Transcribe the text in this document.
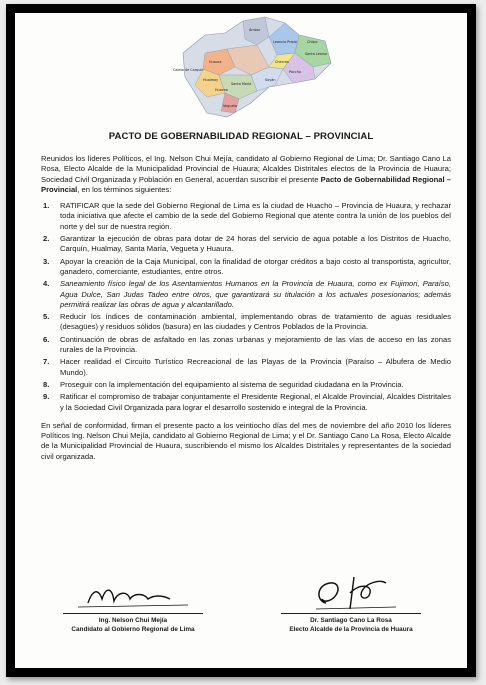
Huacho
Hualmay
Santa María
Sayán
Caleta de Carquín
Huaura
Vegueta
Ámbar
Leoncio Prado
Santa Leonor
Paccho
Checras
Chilpo
PACTO DE GOBERNABILIDAD REGIONAL – PROVINCIAL

Reunidos los líderes Políticos, el Ing. Nelson Chui Mejía, candidato al Gobierno Regional de Lima; Dr. Santiago Cano La Rosa, Electo Alcalde de la Municipalidad Provincial de Huaura; Alcaldes Distritales electos de la Provincia de Huaura; Sociedad Civil Organizada y Población en General, acuerdan suscribir el presente Pacto de Gobernabilidad Regional – Provincial, en los términos siguientes:

1. RATIFICAR que la sede del Gobierno Regional de Lima es la ciudad de Huacho – Provincia de Huaura, y rechazar toda iniciativa que afecte el cambio de la sede del Gobierno Regional que atente contra la unión de los pueblos del norte y del sur de nuestra región.
2. Garantizar la ejecución de obras para dotar de 24 horas del servicio de agua potable a los Distritos de Huacho, Carquín, Hualmay, Santa María, Vegueta y Huaura.
3. Apoyar la creación de la Caja Municipal, con la finalidad de otorgar créditos a bajo costo al transportista, agricultor, ganadero, comerciante, estudiantes, entre otros.
4. Saneamiento físico legal de los Asentamientos Humanos en la Provincia de Huaura, como ex Fujimori, Paraíso, Agua Dulce, San Judas Tadeo entre otros, que garantizará su titulación a los actuales posesionarios; además permitirá realizar las obras de agua y alcantarillado.
5. Reducir los índices de contaminación ambiental, implementando obras de tratamiento de aguas residuales (desagües) y residuos sólidos (basura) en las ciudades y Centros Poblados de la Provincia.
6. Continuación de obras de asfaltado en las zonas urbanas y mejoramiento de las vías de acceso en las zonas rurales de la Provincia.
7. Hacer realidad el Circuito Turístico Recreacional de las Playas de la Provincia (Paraíso – Albufera de Medio Mundo).
8. Proseguir con la implementación del equipamiento al sistema de seguridad ciudadana en la Provincia.
9. Ratificar el compromiso de trabajar conjuntamente el Presidente Regional, el Alcalde Provincial, Alcaldes Distritales y la Sociedad Civil Organizada para lograr el desarrollo sostenido e integral de la Provincia.

En señal de conformidad, firman el presente pacto a los veintiocho días del mes de noviembre del año 2010 los líderes Políticos Ing. Nelson Chui Mejía, candidato al Gobierno Regional de Lima; y el Dr. Santiago Cano La Rosa, Electo Alcalde de la Municipalidad Provincial de Huaura, suscribiendo el mismo los Alcaldes Distritales y representantes de la sociedad civil organizada.

Ing. Nelson Chui Mejía
Candidato al Gobierno Regional de Lima
Dr. Santiago Cano La Rosa
Electo Alcalde de la Provincia de Huaura
